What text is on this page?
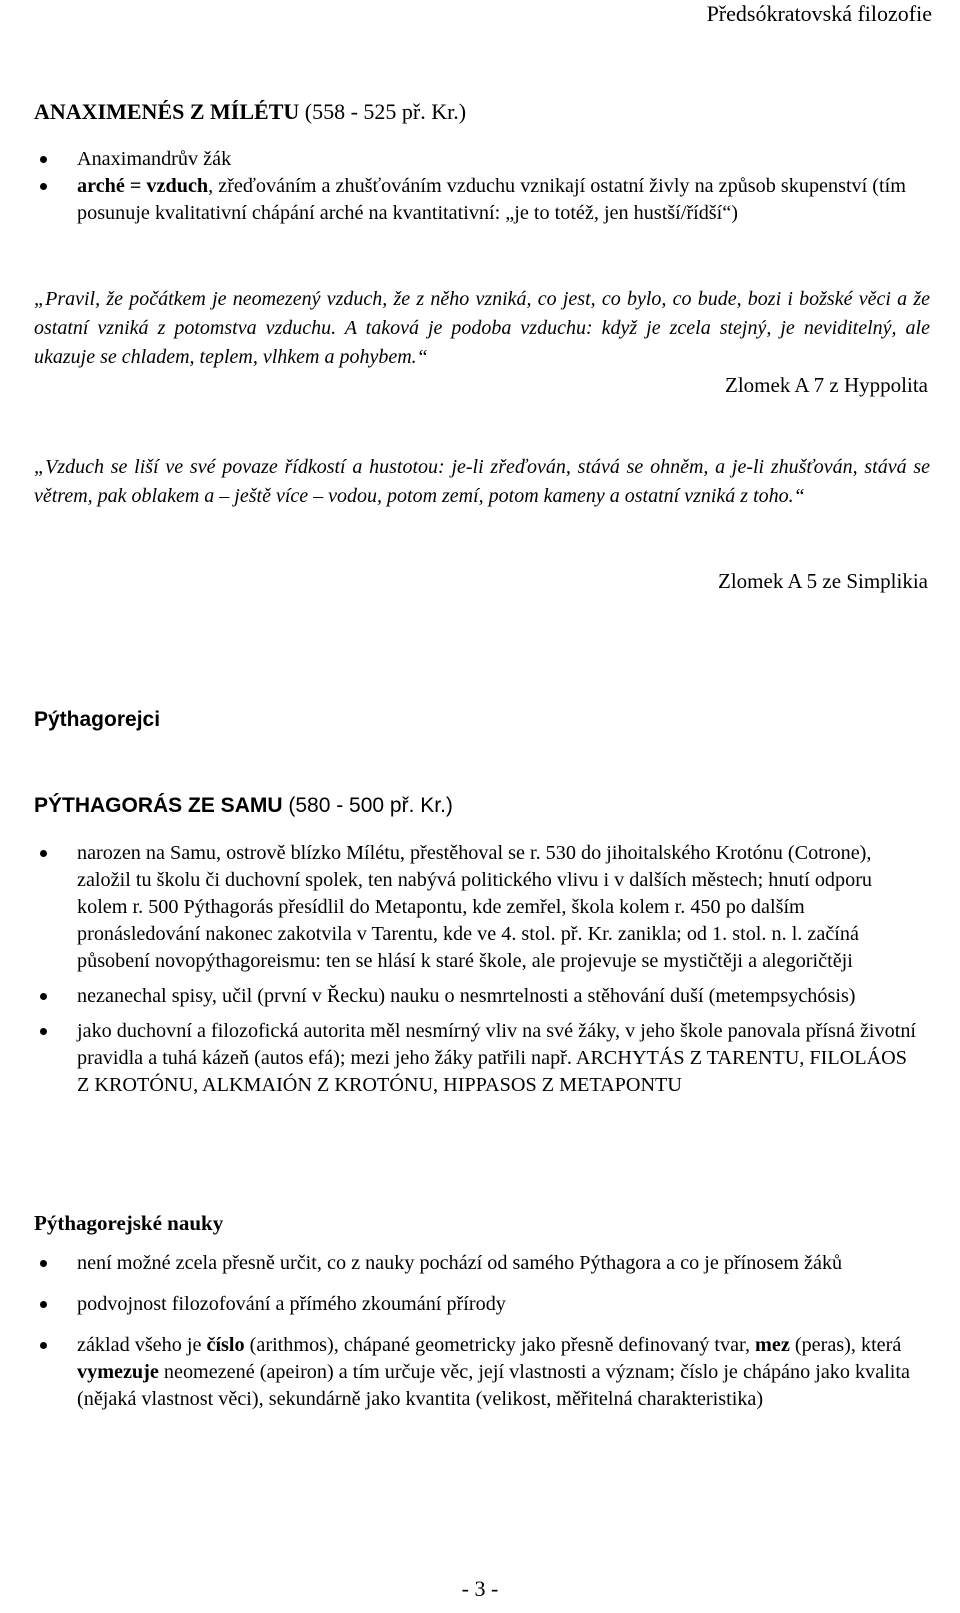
Předsókratovská filozofie
ANAXIMENÉS Z MÍLÉTU (558 - 525 př. Kr.)

Anaximandrův žák

arché = vzduch, zřeďováním a zhušťováním vzduchu vznikají ostatní živly na způsob skupenství (tím posunuje kvalitativní chápání arché na kvantitativní: „je to totéž, jen hustší/řídší“)

„Pravil, že počátkem je neomezený vzduch, že z něho vzniká, co jest, co bylo, co bude, bozi i božské věci a že ostatní vzniká z potomstva vzduchu. A taková je podoba vzduchu: když je zcela stejný, je neviditelný, ale ukazuje se chladem, teplem, vlhkem a pohybem.“

Zlomek A 7 z Hyppolita

„Vzduch se liší ve své povaze řídkostí a hustotou: je-li zřeďován, stává se ohněm, a je-li zhušťován, stává se větrem, pak oblakem a – ještě více – vodou, potom zemí, potom kameny a ostatní vzniká z toho.“

Zlomek A 5 ze Simplikia
Pýthagorejci
PÝTHAGORÁS ZE SAMU (580 - 500 př. Kr.)

narozen na Samu, ostrově blízko Mílétu, přestěhoval se r. 530 do jihoitalského Krotónu (Cotrone), založil tu školu či duchovní spolek, ten nabývá politického vlivu i v dalších městech; hnutí odporu kolem r. 500 Pýthagorás přesídlil do Metapontu, kde zemřel, škola kolem r. 450 po dalším pronásledování nakonec zakotvila v Tarentu, kde ve 4. stol. př. Kr. zanikla; od 1. stol. n. l. začíná působení novopýthagoreismu: ten se hlásí k staré škole, ale projevuje se mystičtěji a alegoričtěji

nezanechal spisy, učil (první v Řecku) nauku o nesmrtelnosti a stěhování duší (metempsychósis)

jako duchovní a filozofická autorita měl nesmírný vliv na své žáky, v jeho škole panovala přísná životní pravidla a tuhá kázeň (autos efá); mezi jeho žáky patřili např. ARCHYTÁS Z TARENTU, FILOLÁOS Z KROTÓNU, ALKMAIÓN Z KROTÓNU, HIPPASOS Z METAPONTU

Pýthagorejské nauky

není možné zcela přesně určit, co z nauky pochází od samého Pýthagora a co je přínosem žáků

podvojnost filozofování a přímého zkoumání přírody

základ všeho je číslo (arithmos), chápané geometricky jako přesně definovaný tvar, mez (peras), která vymezuje neomezené (apeiron) a tím určuje věc, její vlastnosti a význam; číslo je chápáno jako kvalita (nějaká vlastnost věci), sekundárně jako kvantita (velikost, měřitelná charakteristika)

- 3 -
